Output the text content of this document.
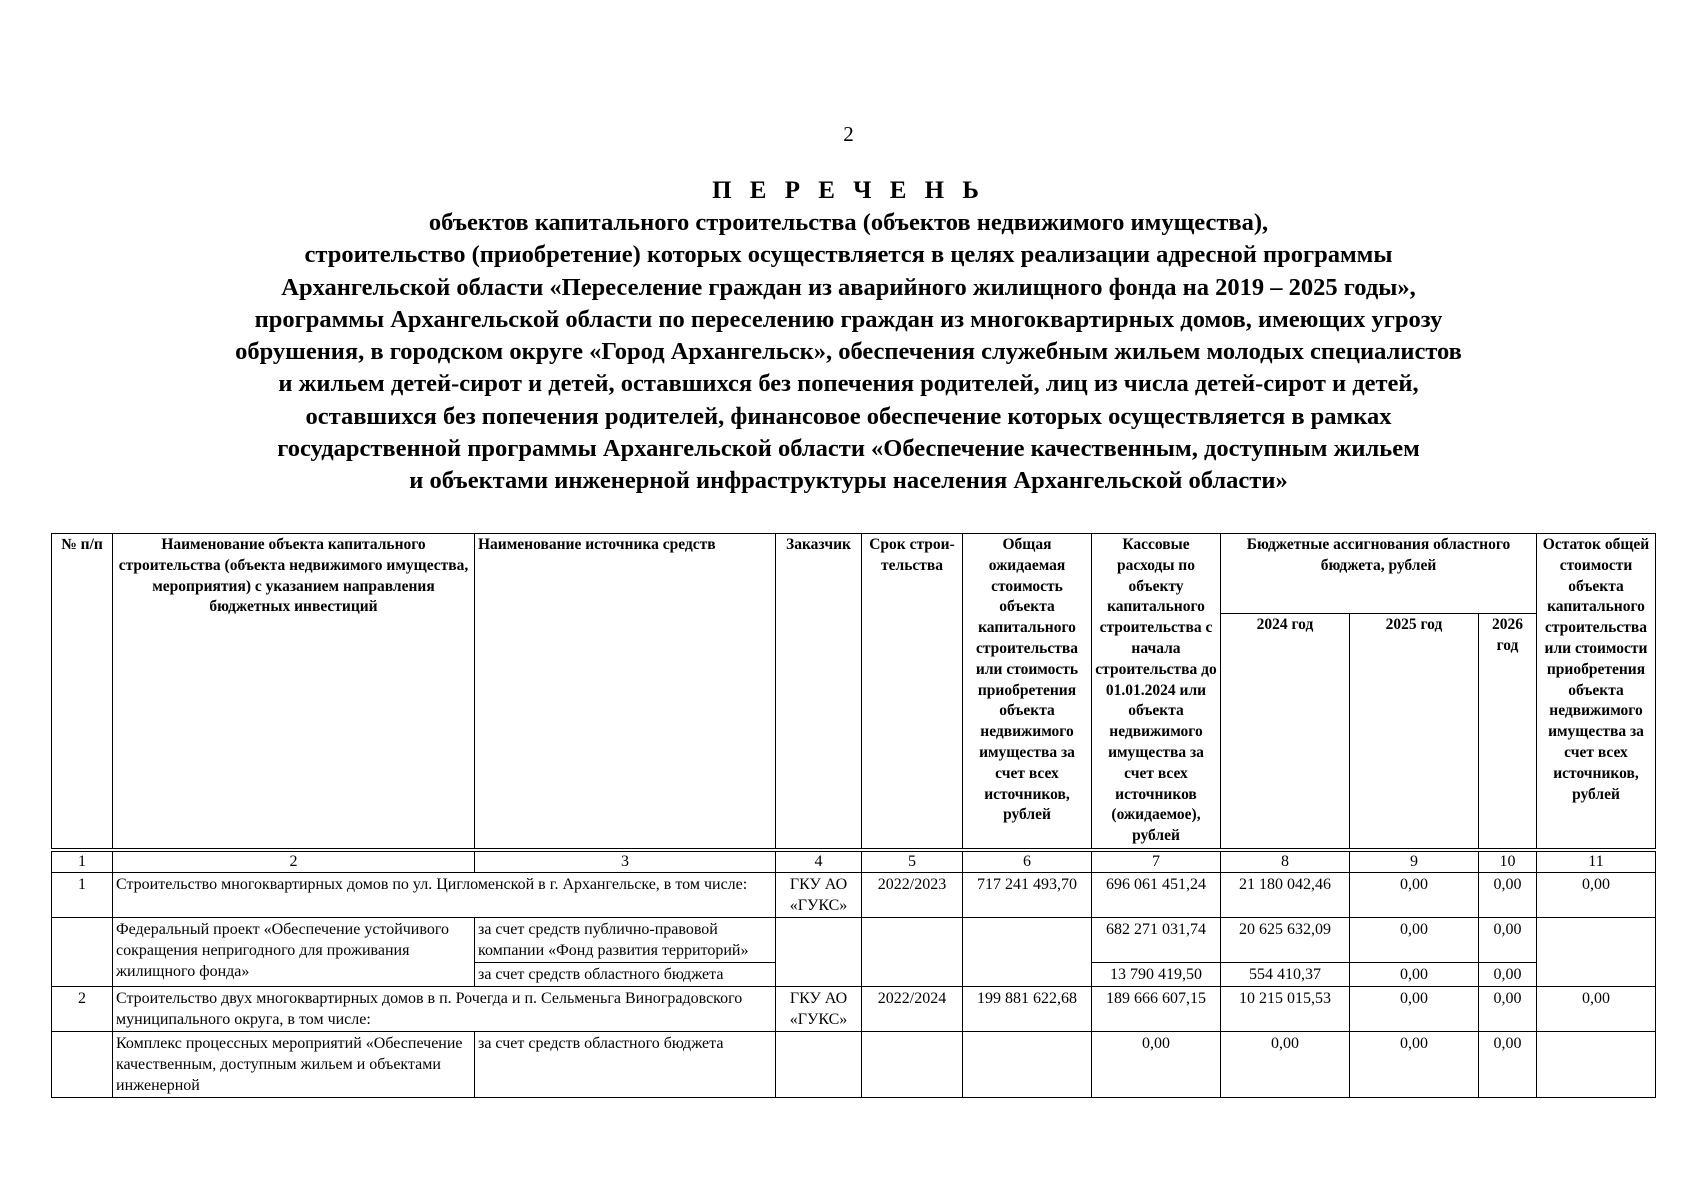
2
П Е Р Е Ч Е Н Ь
объектов капитального строительства (объектов недвижимого имущества),
строительство (приобретение) которых осуществляется в целях реализации адресной программы
Архангельской области «Переселение граждан из аварийного жилищного фонда на 2019 – 2025 годы»,
программы Архангельской области по переселению граждан из многоквартирных домов, имеющих угрозу
обрушения, в городском округе «Город Архангельск», обеспечения служебным жильем молодых специалистов
и жильем детей-сирот и детей, оставшихся без попечения родителей, лиц из числа детей-сирот и детей,
оставшихся без попечения родителей, финансовое обеспечение которых осуществляется в рамках
государственной программы Архангельской области «Обеспечение качественным, доступным жильем
и объектами инженерной инфраструктуры населения Архангельской области»
№ п/п	Наименование объекта капитального строительства (объекта недвижимого имущества, мероприятия) с указанием направления бюджетных инвестиций	Наименование источника средств	Заказчик	Срок строи-тельства	Общая ожидаемая стоимость объекта капитального строительства или стоимость приобретения объекта недвижимого имущества за счет всех источников, рублей	Кассовые расходы по объекту капитального строительства с начала строительства до 01.01.2024 или объекта недвижимого имущества за счет всех источников (ожидаемое), рублей	Бюджетные ассигнования областного бюджета, рублей			Остаток общей стоимости объекта капитального строительства или стоимости приобретения объекта недвижимого имущества за счет всех источников, рублей
							2024 год	2025 год	2026 год	
1	2	3	4	5	6	7	8	9	10	11
1	Строительство многоквартирных домов по ул. Цигломенской в г. Архангельске, в том числе:		ГКУ АО «ГУКС»	2022/2023	717 241 493,70	696 061 451,24	21 180 042,46	0,00	0,00	0,00
	Федеральный проект «Обеспечение устойчивого сокращения непригодного для проживания жилищного фонда»	за счет средств публично-правовой компании «Фонд развития территорий»				682 271 031,74	20 625 632,09	0,00	0,00	
		за счет средств областного бюджета				13 790 419,50	554 410,37	0,00	0,00	
2	Строительство двух многоквартирных домов в п. Рочегда и п. Сельменьга Виноградовского муниципального округа, в том числе:		ГКУ АО «ГУКС»	2022/2024	199 881 622,68	189 666 607,15	10 215 015,53	0,00	0,00	0,00
	Комплекс процессных мероприятий «Обеспечение качественным, доступным жильем и объектами инженерной	за счет средств областного бюджета				0,00	0,00	0,00	0,00	
